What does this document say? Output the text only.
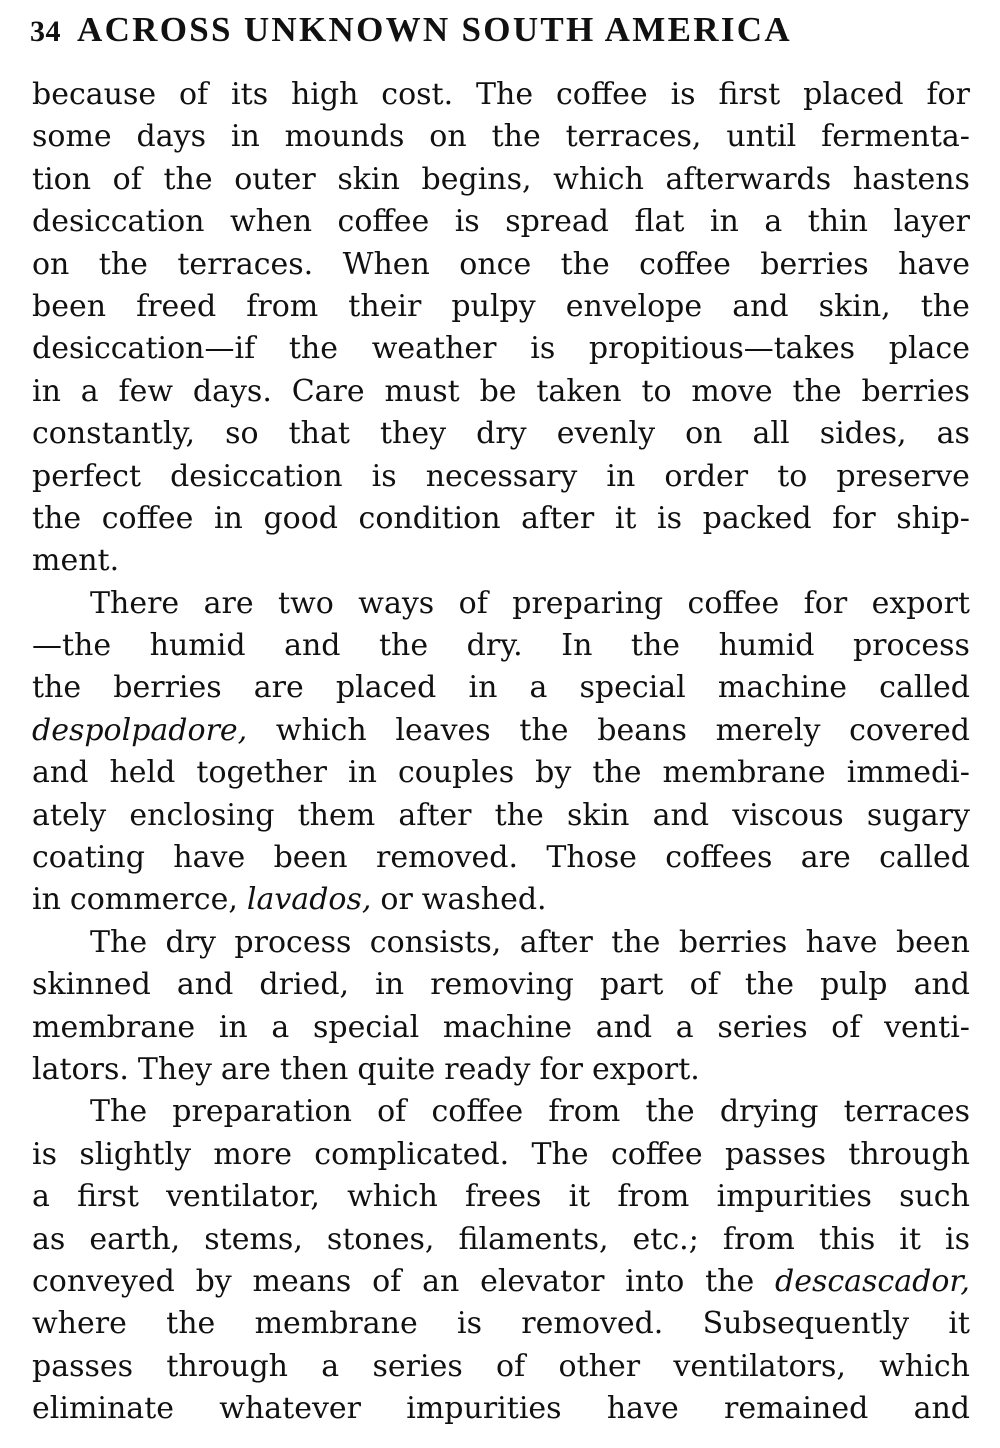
34 ACROSS UNKNOWN SOUTH AMERICA
because of its high cost. The coffee is first placed for
some days in mounds on the terraces, until fermenta-
tion of the outer skin begins, which afterwards hastens
desiccation when coffee is spread flat in a thin layer
on the terraces. When once the coffee berries have
been freed from their pulpy envelope and skin, the
desiccation—if the weather is propitious—takes place
in a few days. Care must be taken to move the berries
constantly, so that they dry evenly on all sides, as
perfect desiccation is necessary in order to preserve
the coffee in good condition after it is packed for ship-
ment.
There are two ways of preparing coffee for export
—the humid and the dry. In the humid process
the berries are placed in a special machine called
despolpadore, which leaves the beans merely covered
and held together in couples by the membrane immedi-
ately enclosing them after the skin and viscous sugary
coating have been removed. Those coffees are called
in commerce, lavados, or washed.
The dry process consists, after the berries have been
skinned and dried, in removing part of the pulp and
membrane in a special machine and a series of venti-
lators. They are then quite ready for export.
The preparation of coffee from the drying terraces
is slightly more complicated. The coffee passes through
a first ventilator, which frees it from impurities such
as earth, stems, stones, filaments, etc.; from this it is
conveyed by means of an elevator into the descascador,
where the membrane is removed. Subsequently it
passes through a series of other ventilators, which
eliminate whatever impurities have remained and
